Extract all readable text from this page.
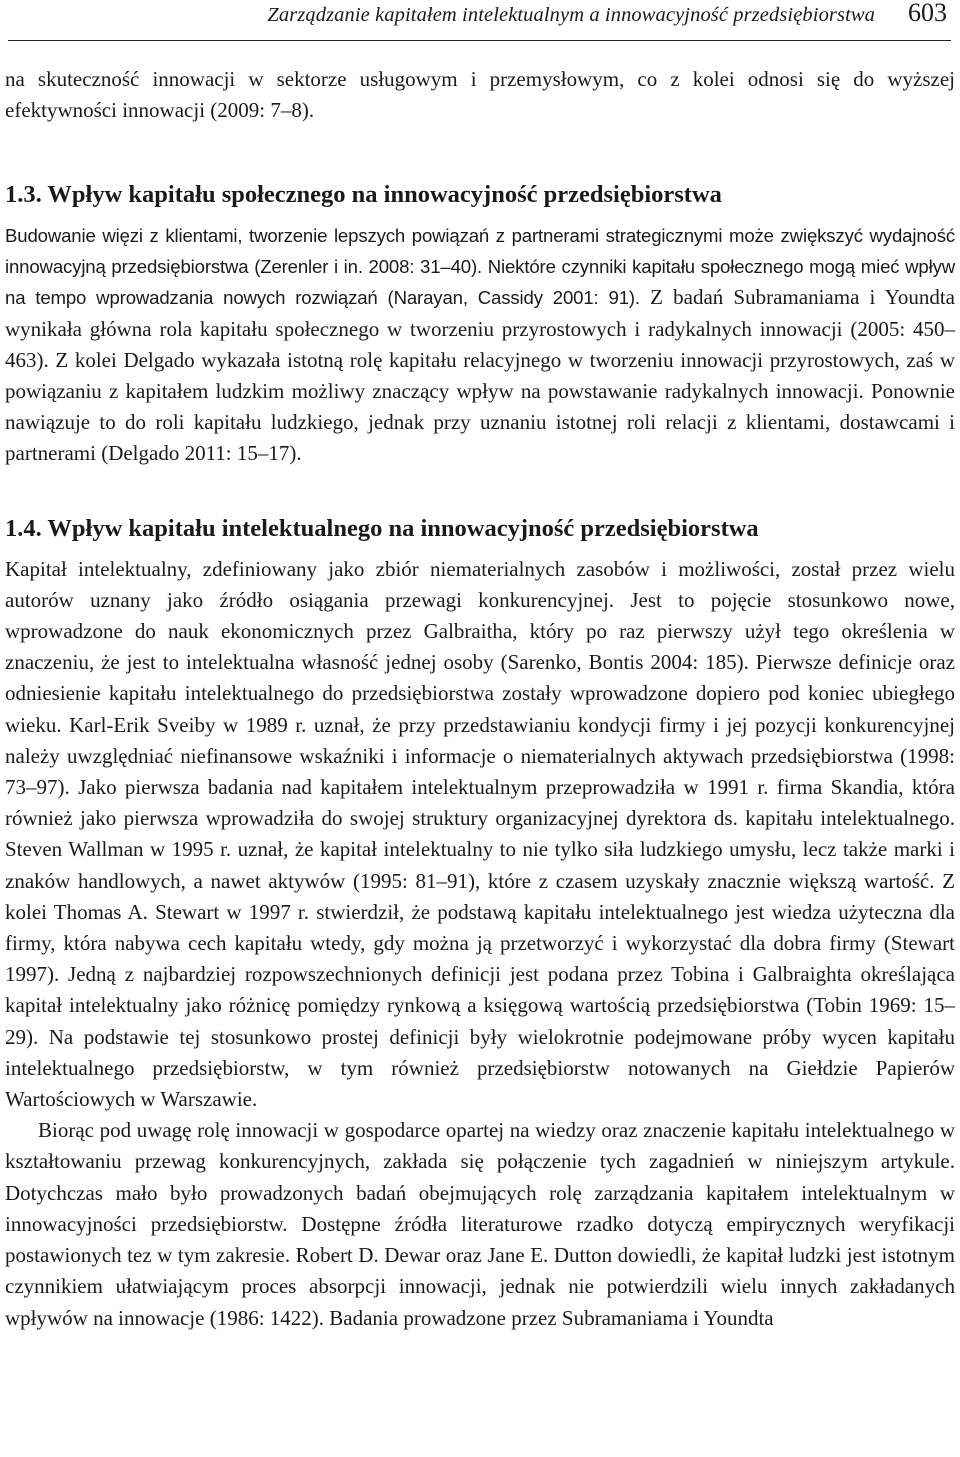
Zarządzanie kapitałem intelektualnym a innowacyjność przedsiębiorstwa 603

na skuteczność innowacji w sektorze usługowym i przemysłowym, co z kolei odnosi się do wyższej efektywności innowacji (2009: 7–8).

1.3. Wpływ kapitału społecznego na innowacyjność przedsiębiorstwa

Budowanie więzi z klientami, tworzenie lepszych powiązań z partnerami strategicznymi może zwiększyć wydajność innowacyjną przedsiębiorstwa (Zerenler i in. 2008: 31–40). Niektóre czynniki kapitału społecznego mogą mieć wpływ na tempo wprowadzania nowych rozwiązań (Narayan, Cassidy 2001: 91). Z badań Subramaniama i Youndta wynikała główna rola kapitału społecznego w tworzeniu przyrostowych i radykalnych innowacji (2005: 450–463). Z kolei Delgado wykazała istotną rolę kapitału relacyjnego w tworzeniu innowacji przyrostowych, zaś w powiązaniu z kapitałem ludzkim możliwy znaczący wpływ na powstawanie radykalnych innowacji. Ponownie nawiązuje to do roli kapitału ludzkiego, jednak przy uznaniu istotnej roli relacji z klientami, dostawcami i partnerami (Delgado 2011: 15–17).

1.4. Wpływ kapitału intelektualnego na innowacyjność przedsiębiorstwa

Kapitał intelektualny, zdefiniowany jako zbiór niematerialnych zasobów i możliwości, został przez wielu autorów uznany jako źródło osiągania przewagi konkurencyjnej. Jest to pojęcie stosunkowo nowe, wprowadzone do nauk ekonomicznych przez Galbraitha, który po raz pierwszy użył tego określenia w znaczeniu, że jest to intelektualna własność jednej osoby (Sarenko, Bontis 2004: 185). Pierwsze definicje oraz odniesienie kapitału intelektualnego do przedsiębiorstwa zostały wprowadzone dopiero pod koniec ubiegłego wieku. Karl-Erik Sveiby w 1989 r. uznał, że przy przedstawianiu kondycji firmy i jej pozycji konkurencyjnej należy uwzględniać niefinansowe wskaźniki i informacje o niematerialnych aktywach przedsiębiorstwa (1998: 73–97). Jako pierwsza badania nad kapitałem intelektualnym przeprowadziła w 1991 r. firma Skandia, która również jako pierwsza wprowadziła do swojej struktury organizacyjnej dyrektora ds. kapitału intelektualnego. Steven Wallman w 1995 r. uznał, że kapitał intelektualny to nie tylko siła ludzkiego umysłu, lecz także marki i znaków handlowych, a nawet aktywów (1995: 81–91), które z czasem uzyskały znacznie większą wartość. Z kolei Thomas A. Stewart w 1997 r. stwierdził, że podstawą kapitału intelektualnego jest wiedza użyteczna dla firmy, która nabywa cech kapitału wtedy, gdy można ją przetworzyć i wykorzystać dla dobra firmy (Stewart 1997). Jedną z najbardziej rozpowszechnionych definicji jest podana przez Tobina i Galbraighta określająca kapitał intelektualny jako różnicę pomiędzy rynkową a księgową wartością przedsiębiorstwa (Tobin 1969: 15–29). Na podstawie tej stosunkowo prostej definicji były wielokrotnie podejmowane próby wycen kapitału intelektualnego przedsiębiorstw, w tym również przedsiębiorstw notowanych na Giełdzie Papierów Wartościowych w Warszawie.

Biorąc pod uwagę rolę innowacji w gospodarce opartej na wiedzy oraz znaczenie kapitału intelektualnego w kształtowaniu przewag konkurencyjnych, zakłada się połączenie tych zagadnień w niniejszym artykule. Dotychczas mało było prowadzonych badań obejmujących rolę zarządzania kapitałem intelektualnym w innowacyjności przedsiębiorstw. Dostępne źródła literaturowe rzadko dotyczą empirycznych weryfikacji postawionych tez w tym zakresie. Robert D. Dewar oraz Jane E. Dutton dowiedli, że kapitał ludzki jest istotnym czynnikiem ułatwiającym proces absorpcji innowacji, jednak nie potwierdzili wielu innych zakładanych wpływów na innowacje (1986: 1422). Badania prowadzone przez Subramaniama i Youndta
